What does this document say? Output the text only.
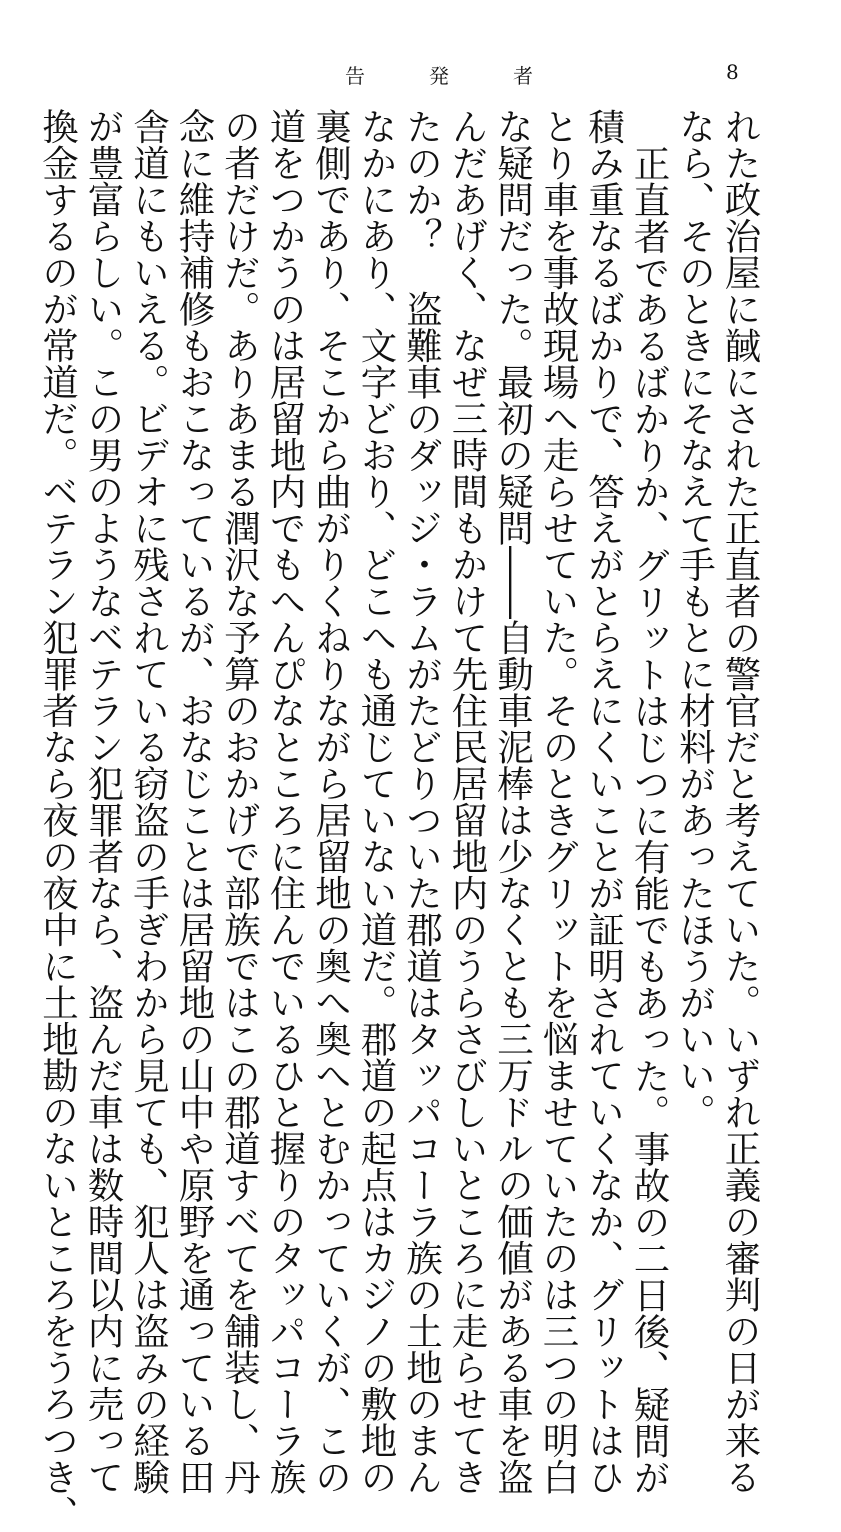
告　発　者	8
れた政治屋に馘にされた正直者の警官だと考えていた。いずれ正義の審判の日が来る
なら、そのときにそなえて手もとに材料があったほうがいい。
正直者であるばかりか、グリットはじつに有能でもあった。事故の二日後、疑問が
積み重なるばかりで、答えがとらえにくいことが証明されていくなか、グリットはひ
とり車を事故現場へ走らせていた。そのときグリットを悩ませていたのは三つの明白
な疑問だった。最初の疑問――自動車泥棒は少なくとも三万ドルの価値がある車を盗
んだあげく、なぜ三時間もかけて先住民居留地内のうらさびしいところに走らせてき
たのか？　盗難車のダッジ・ラムがたどりついた郡道はタッパコーラ族の土地のまん
なかにあり、文字どおり、どこへも通じていない道だ。郡道の起点はカジノの敷地の
裏側であり、そこから曲がりくねりながら居留地の奥へ奥へとむかっていくが、この
道をつかうのは居留地内でもへんぴなところに住んでいるひと握りのタッパコーラ族
の者だけだ。ありあまる潤沢な予算のおかげで部族ではこの郡道すべてを舗装し、丹
念に維持補修もおこなっているが、おなじことは居留地の山中や原野を通っている田
舎道にもいえる。ビデオに残されている窃盗の手ぎわから見ても、犯人は盗みの経験
が豊富らしい。この男のようなベテラン犯罪者なら、盗んだ車は数時間以内に売って
換金するのが常道だ。ベテラン犯罪者なら夜の夜中に土地勘のないところをうろつき、
